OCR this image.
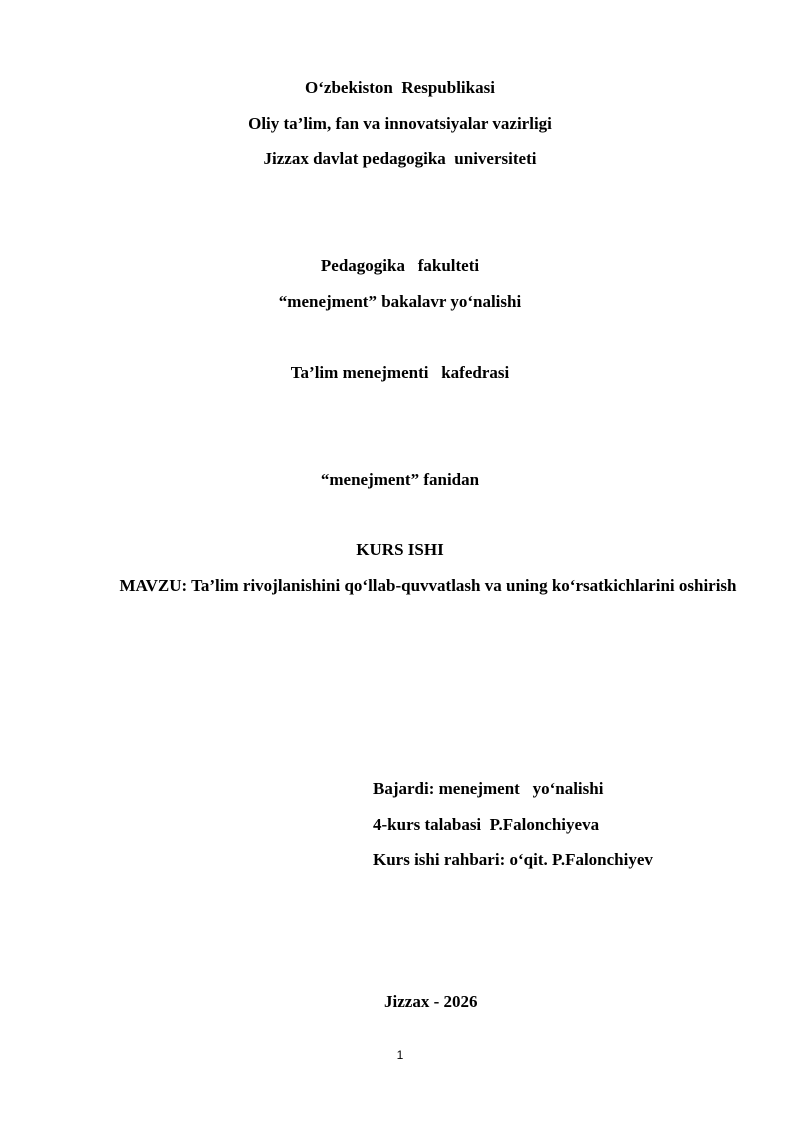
O‘zbekiston  Respublikasi
Oliy ta’lim, fan va innovatsiyalar vazirligi
Jizzax davlat pedagogika  universiteti
Pedagogika   fakulteti
“menejment” bakalavr yo‘nalishi
Ta’lim menejmenti   kafedrasi
“menejment” fanidan
KURS ISHI
MAVZU: Ta’lim rivojlanishini qo‘llab-quvvatlash va uning ko‘rsatkichlarini oshirish
Bajardi: menejment   yo‘nalishi
4-kurs talabasi  P.Falonchiyeva
Kurs ishi rahbari: o‘qit. P.Falonchiyev
Jizzax - 2026
1
